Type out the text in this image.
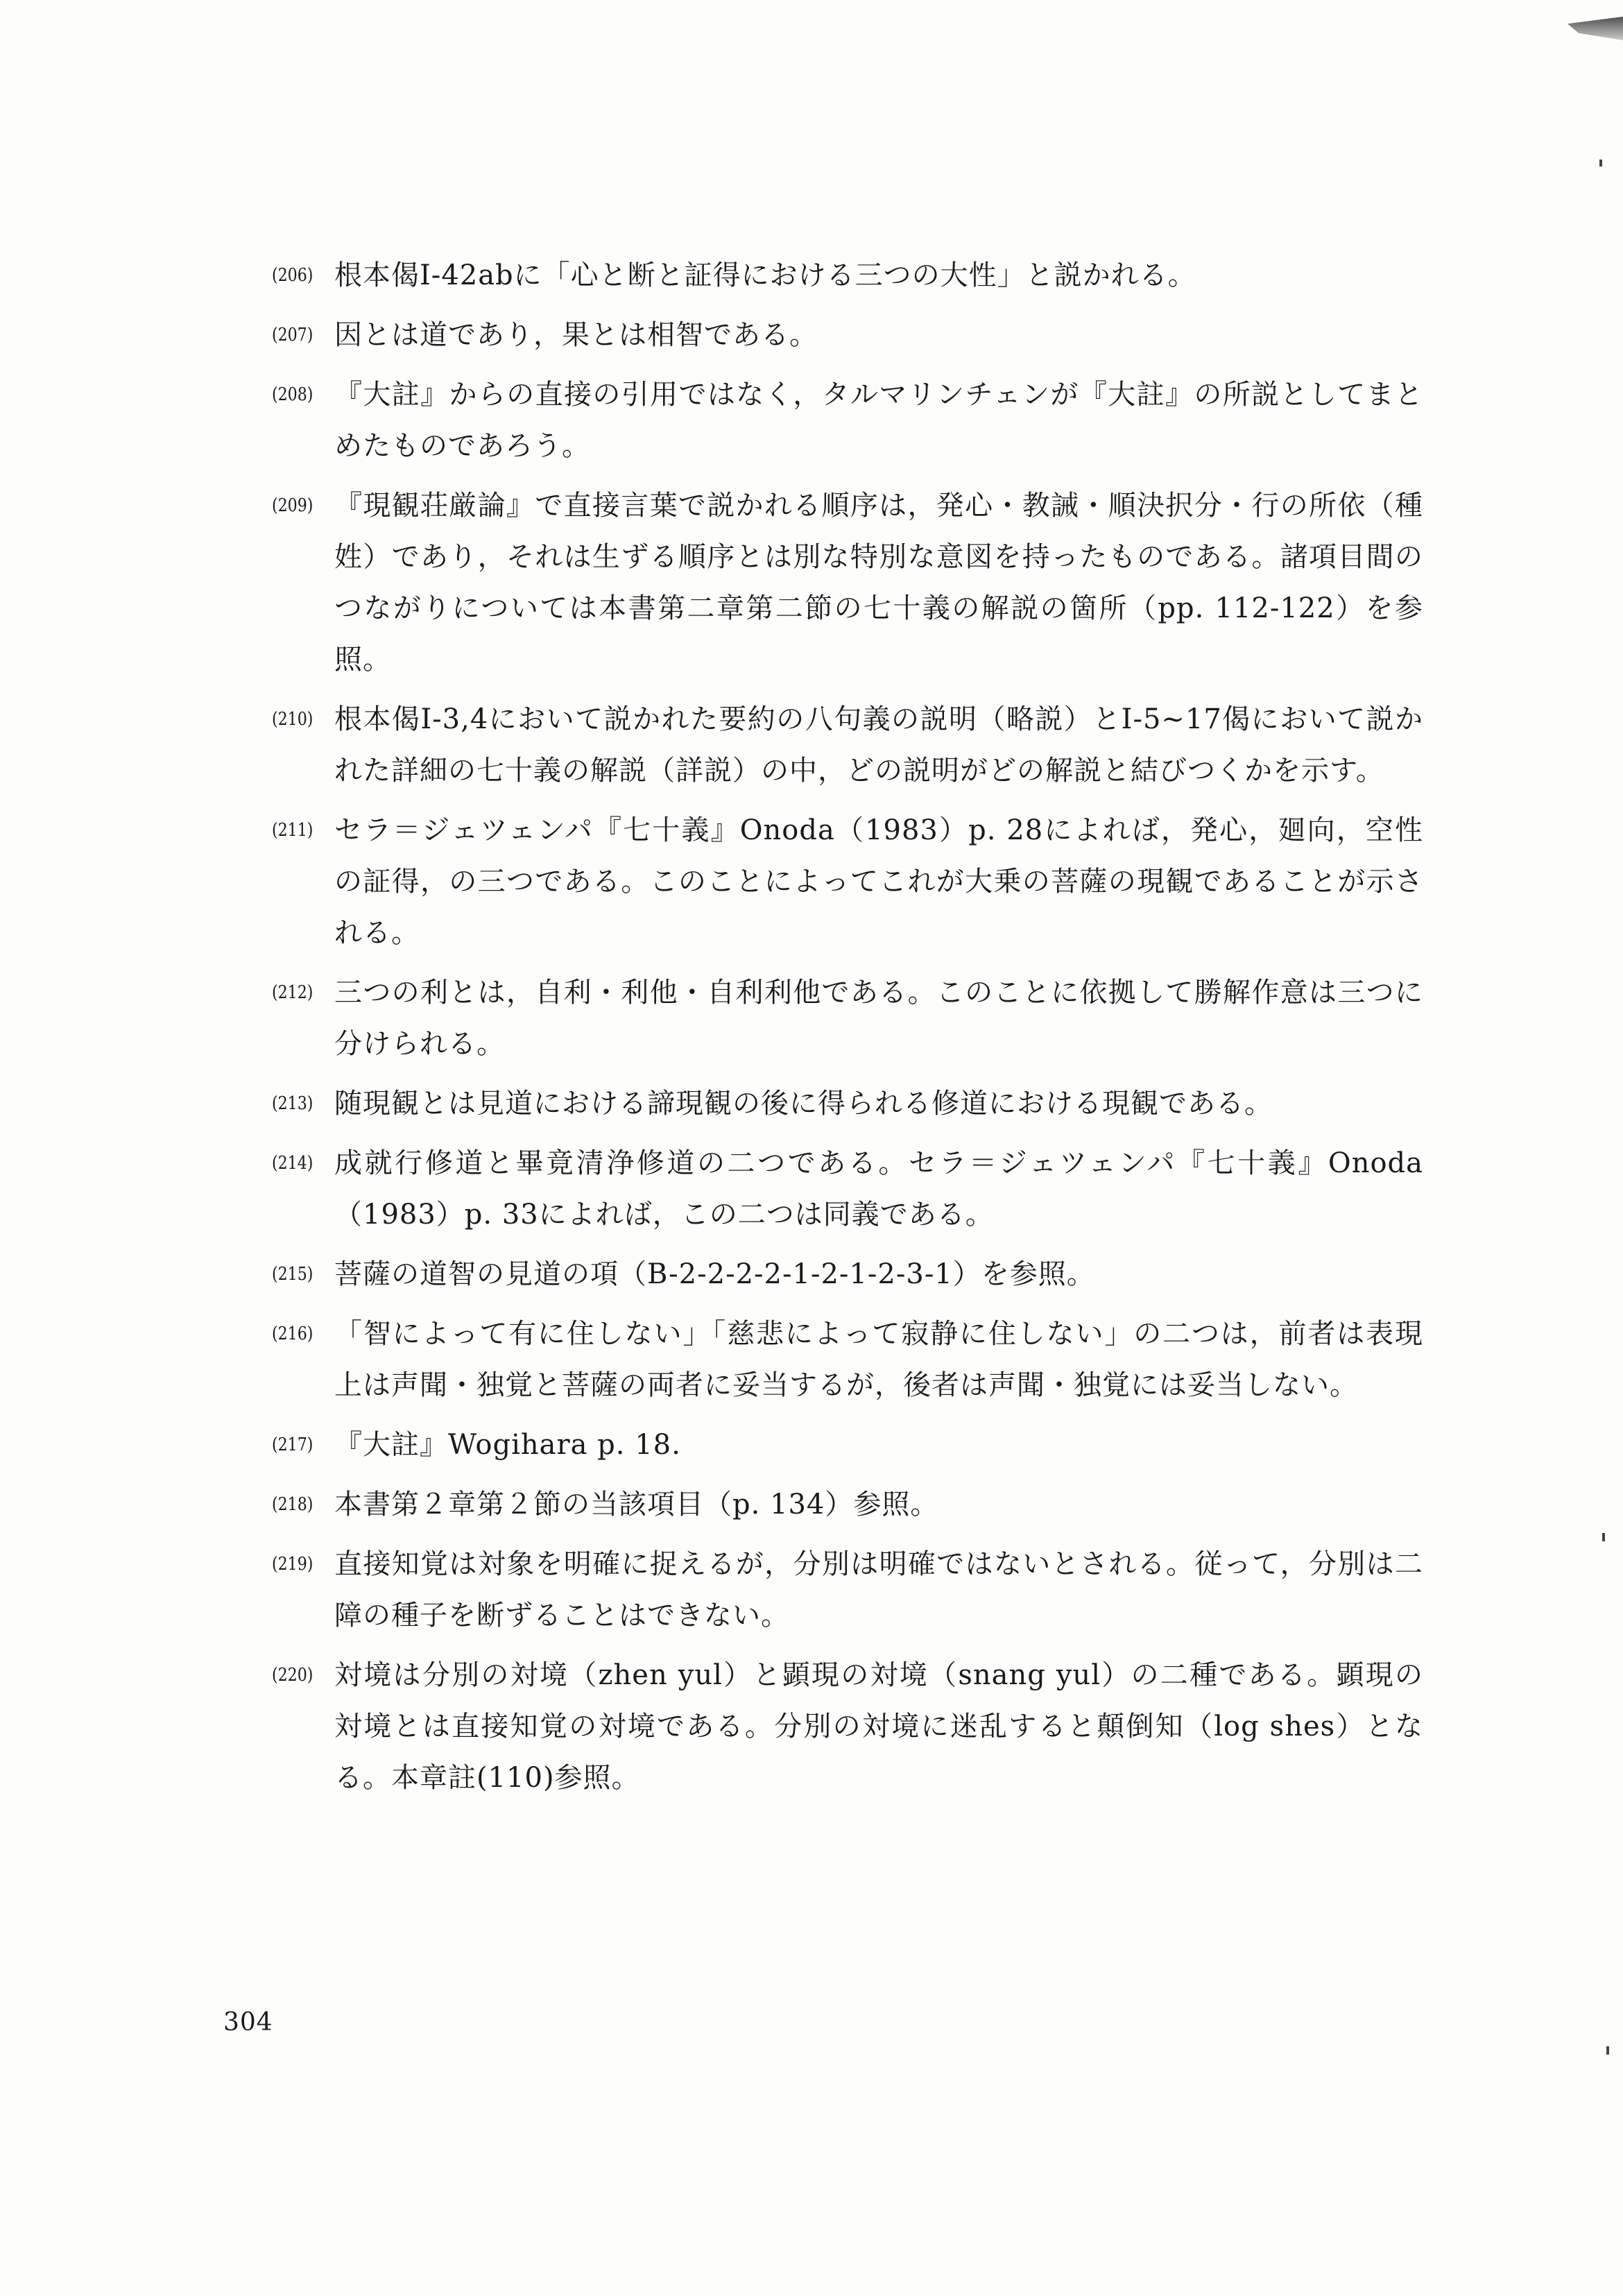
(206) 根本偈I-42abに「心と断と証得における三つの大性」と説かれる。
(207) 因とは道であり，果とは相智である。
(208) 『大註』からの直接の引用ではなく，タルマリンチェンが『大註』の所説としてまとめたものであろう。
(209) 『現観荘厳論』で直接言葉で説かれる順序は，発心・教誡・順決択分・行の所依（種姓）であり，それは生ずる順序とは別な特別な意図を持ったものである。諸項目間のつながりについては本書第二章第二節の七十義の解説の箇所（pp. 112-122）を参照。
(210) 根本偈I-3,4において説かれた要約の八句義の説明（略説）とI-5~17偈において説かれた詳細の七十義の解説（詳説）の中，どの説明がどの解説と結びつくかを示す。
(211) セラ＝ジェツェンパ『七十義』Onoda（1983）p. 28によれば，発心，廻向，空性の証得，の三つである。このことによってこれが大乗の菩薩の現観であることが示される。
(212) 三つの利とは，自利・利他・自利利他である。このことに依拠して勝解作意は三つに分けられる。
(213) 随現観とは見道における諦現観の後に得られる修道における現観である。
(214) 成就行修道と畢竟清浄修道の二つである。セラ＝ジェツェンパ『七十義』Onoda（1983）p. 33によれば，この二つは同義である。
(215) 菩薩の道智の見道の項（B-2-2-2-2-1-2-1-2-3-1）を参照。
(216) 「智によって有に住しない」「慈悲によって寂静に住しない」の二つは，前者は表現上は声聞・独覚と菩薩の両者に妥当するが，後者は声聞・独覚には妥当しない。
(217) 『大註』Wogihara p. 18.
(218) 本書第２章第２節の当該項目（p. 134）参照。
(219) 直接知覚は対象を明確に捉えるが，分別は明確ではないとされる。従って，分別は二障の種子を断ずることはできない。
(220) 対境は分別の対境（zhen yul）と顕現の対境（snang yul）の二種である。顕現の対境とは直接知覚の対境である。分別の対境に迷乱すると顛倒知（log shes）となる。本章註(110)参照。
304
